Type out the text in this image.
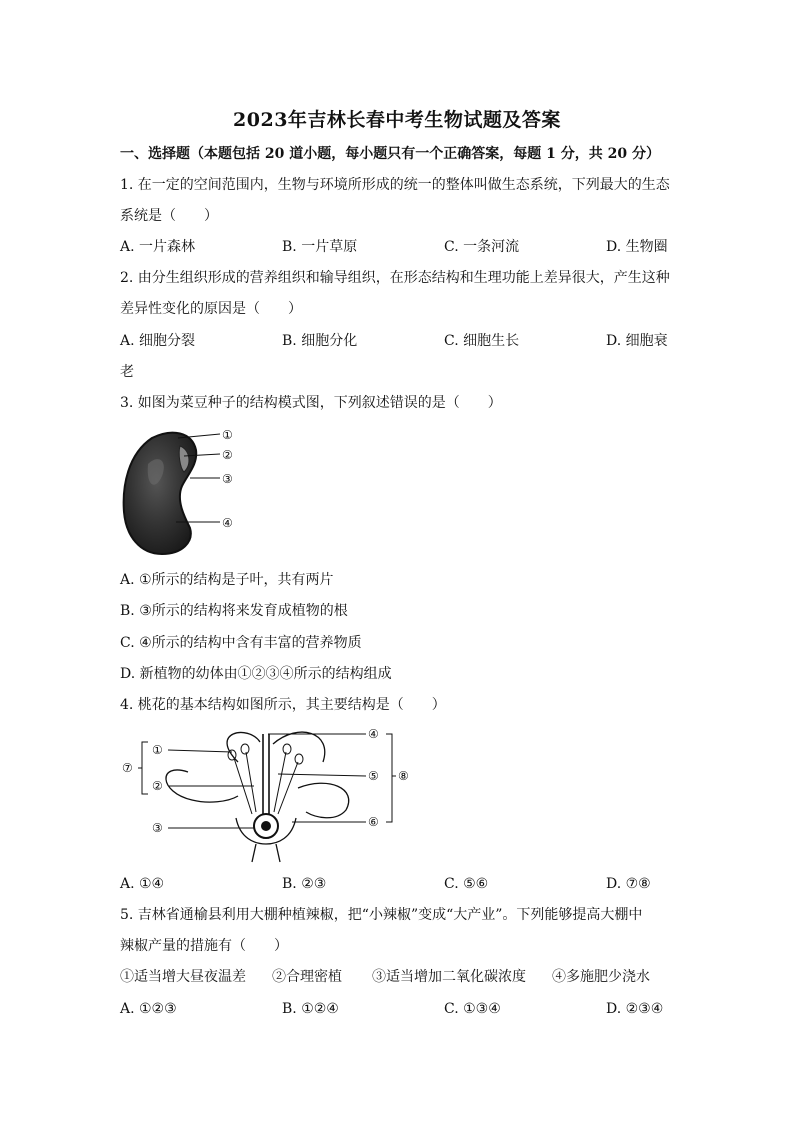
2023年吉林长春中考生物试题及答案
一、选择题（本题包括 20 道小题，每小题只有一个正确答案，每题 1 分，共 20 分）
1. 在一定的空间范围内，生物与环境所形成的统一的整体叫做生态系统，下列最大的生态
系统是（　　）
A. 一片森林	B. 一片草原	C. 一条河流	D. 生物圈
2. 由分生组织形成的营养组织和输导组织，在形态结构和生理功能上差异很大，产生这种
差异性变化的原因是（　　）
A. 细胞分裂	B. 细胞分化	C. 细胞生长	D. 细胞衰
老
3. 如图为菜豆种子的结构模式图，下列叙述错误的是（　　）
①
②
③
④
A. ①所示的结构是子叶，共有两片
B. ③所示的结构将来发育成植物的根
C. ④所示的结构中含有丰富的营养物质
D. 新植物的幼体由①②③④所示的结构组成
4. 桃花的基本结构如图所示，其主要结构是（　　）
①
②
③
④
⑤
⑥
⑦
⑧
A. ①④	B. ②③	C. ⑤⑥	D. ⑦⑧
5. 吉林省通榆县利用大棚种植辣椒，把“小辣椒”变成“大产业”。下列能够提高大棚中
辣椒产量的措施有（　　）
①适当增大昼夜温差 ②合理密植 ③适当增加二氧化碳浓度 ④多施肥少浇水
A. ①②③	B. ①②④	C. ①③④	D. ②③④
